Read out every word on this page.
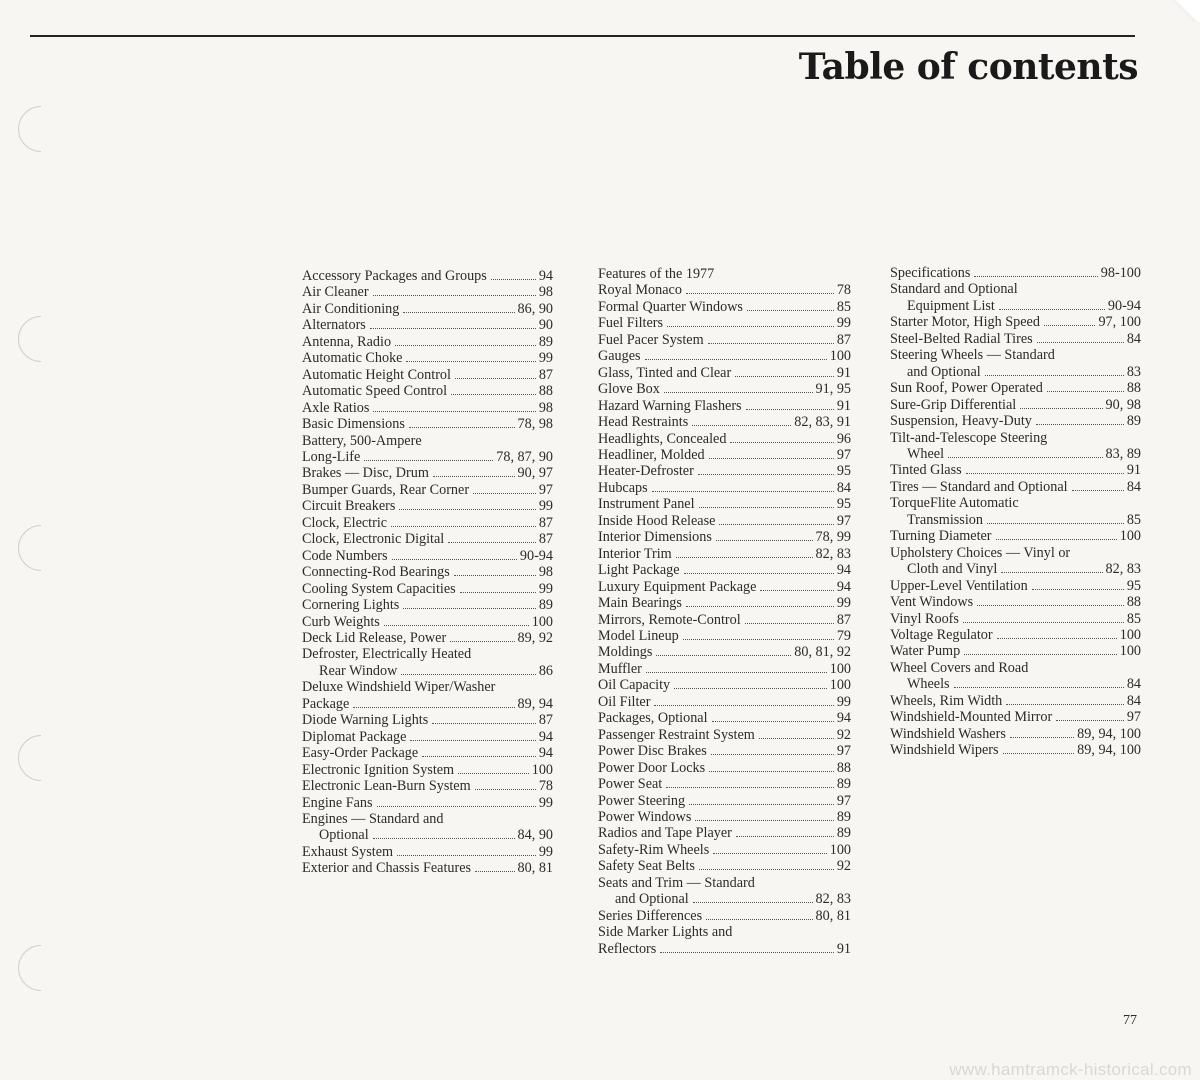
Table of contents
Accessory Packages and Groups	94
Air Cleaner	98
Air Conditioning	86, 90
Alternators	90
Antenna, Radio	89
Automatic Choke	99
Automatic Height Control	87
Automatic Speed Control	88
Axle Ratios	98
Basic Dimensions	78, 98
Battery, 500-Ampere
Long-Life	78, 87, 90
Brakes — Disc, Drum	90, 97
Bumper Guards, Rear Corner	97
Circuit Breakers	99
Clock, Electric	87
Clock, Electronic Digital	87
Code Numbers	90-94
Connecting-Rod Bearings	98
Cooling System Capacities	99
Cornering Lights	89
Curb Weights	100
Deck Lid Release, Power	89, 92
Defroster, Electrically Heated
Rear Window	86
Deluxe Windshield Wiper/Washer
Package	89, 94
Diode Warning Lights	87
Diplomat Package	94
Easy-Order Package	94
Electronic Ignition System	100
Electronic Lean-Burn System	78
Engine Fans	99
Engines — Standard and
Optional	84, 90
Exhaust System	99
Exterior and Chassis Features	80, 81
Features of the 1977
Royal Monaco	78
Formal Quarter Windows	85
Fuel Filters	99
Fuel Pacer System	87
Gauges	100
Glass, Tinted and Clear	91
Glove Box	91, 95
Hazard Warning Flashers	91
Head Restraints	82, 83, 91
Headlights, Concealed	96
Headliner, Molded	97
Heater-Defroster	95
Hubcaps	84
Instrument Panel	95
Inside Hood Release	97
Interior Dimensions	78, 99
Interior Trim	82, 83
Light Package	94
Luxury Equipment Package	94
Main Bearings	99
Mirrors, Remote-Control	87
Model Lineup	79
Moldings	80, 81, 92
Muffler	100
Oil Capacity	100
Oil Filter	99
Packages, Optional	94
Passenger Restraint System	92
Power Disc Brakes	97
Power Door Locks	88
Power Seat	89
Power Steering	97
Power Windows	89
Radios and Tape Player	89
Safety-Rim Wheels	100
Safety Seat Belts	92
Seats and Trim — Standard
and Optional	82, 83
Series Differences	80, 81
Side Marker Lights and
Reflectors	91
Specifications	98-100
Standard and Optional
Equipment List	90-94
Starter Motor, High Speed	97, 100
Steel-Belted Radial Tires	84
Steering Wheels — Standard
and Optional	83
Sun Roof, Power Operated	88
Sure-Grip Differential	90, 98
Suspension, Heavy-Duty	89
Tilt-and-Telescope Steering
Wheel	83, 89
Tinted Glass	91
Tires — Standard and Optional	84
TorqueFlite Automatic
Transmission	85
Turning Diameter	100
Upholstery Choices — Vinyl or
Cloth and Vinyl	82, 83
Upper-Level Ventilation	95
Vent Windows	88
Vinyl Roofs	85
Voltage Regulator	100
Water Pump	100
Wheel Covers and Road
Wheels	84
Wheels, Rim Width	84
Windshield-Mounted Mirror	97
Windshield Washers	89, 94, 100
Windshield Wipers	89, 94, 100
77
www.hamtramck-historical.com
